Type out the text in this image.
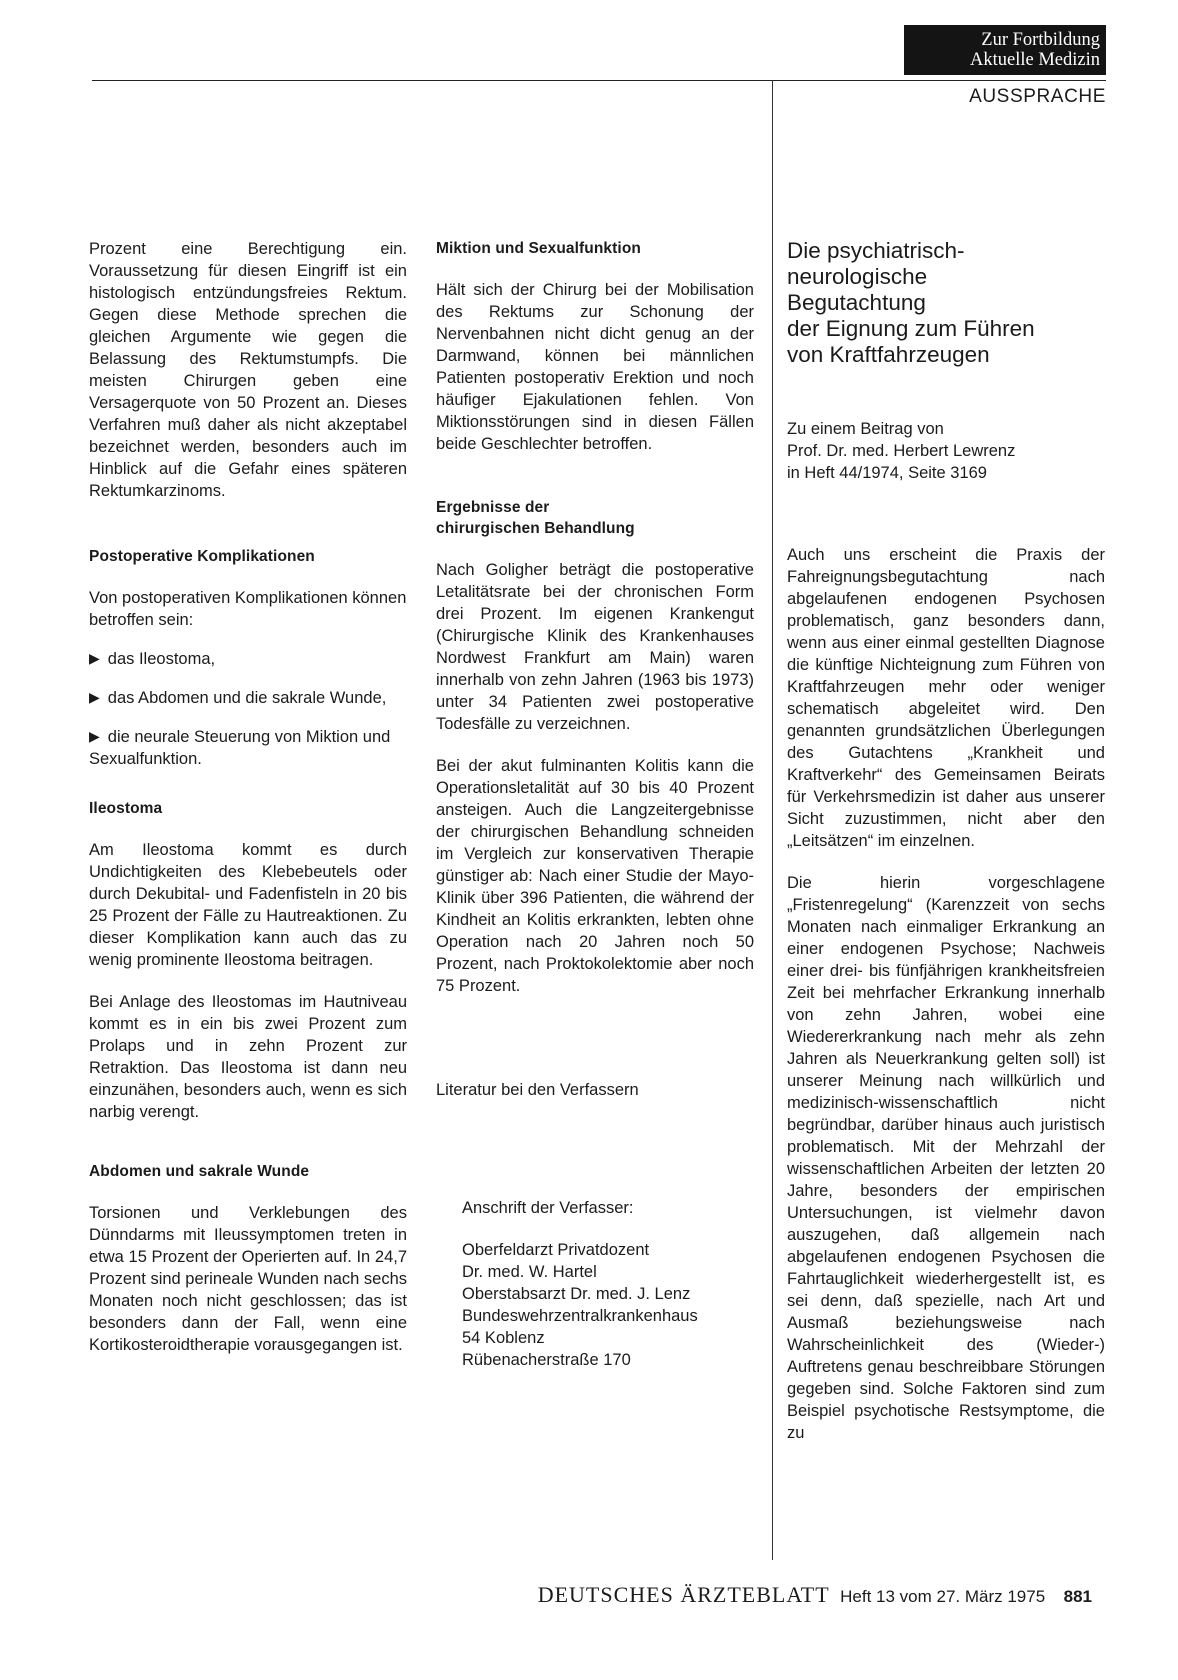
Zur Fortbildung
Aktuelle Medizin
AUSSPRACHE

Prozent eine Berechtigung ein. Voraussetzung für diesen Eingriff ist ein histologisch entzündungsfreies Rektum. Gegen diese Methode sprechen die gleichen Argumente wie gegen die Belassung des Rektumstumpfs. Die meisten Chirurgen geben eine Versagerquote von 50 Prozent an. Dieses Verfahren muß daher als nicht akzeptabel bezeichnet werden, besonders auch im Hinblick auf die Gefahr eines späteren Rektumkarzinoms.

Postoperative Komplikationen

Von postoperativen Komplikationen können betroffen sein:

▶ das Ileostoma,

▶ das Abdomen und die sakrale Wunde,

▶ die neurale Steuerung von Miktion und Sexualfunktion.

Ileostoma

Am Ileostoma kommt es durch Undichtigkeiten des Klebebeutels oder durch Dekubital- und Fadenfisteln in 20 bis 25 Prozent der Fälle zu Hautreaktionen. Zu dieser Komplikation kann auch das zu wenig prominente Ileostoma beitragen.

Bei Anlage des Ileostomas im Hautniveau kommt es in ein bis zwei Prozent zum Prolaps und in zehn Prozent zur Retraktion. Das Ileostoma ist dann neu einzunähen, besonders auch, wenn es sich narbig verengt.

Abdomen und sakrale Wunde

Torsionen und Verklebungen des Dünndarms mit Ileussymptomen treten in etwa 15 Prozent der Operierten auf. In 24,7 Prozent sind perineale Wunden nach sechs Monaten noch nicht geschlossen; das ist besonders dann der Fall, wenn eine Kortikosteroidtherapie vorausgegangen ist.

Miktion und Sexualfunktion

Hält sich der Chirurg bei der Mobilisation des Rektums zur Schonung der Nervenbahnen nicht dicht genug an der Darmwand, können bei männlichen Patienten postoperativ Erektion und noch häufiger Ejakulationen fehlen. Von Miktionsstörungen sind in diesen Fällen beide Geschlechter betroffen.

Ergebnisse der
chirurgischen Behandlung

Nach Goligher beträgt die postoperative Letalitätsrate bei der chronischen Form drei Prozent. Im eigenen Krankengut (Chirurgische Klinik des Krankenhauses Nordwest Frankfurt am Main) waren innerhalb von zehn Jahren (1963 bis 1973) unter 34 Patienten zwei postoperative Todesfälle zu verzeichnen.

Bei der akut fulminanten Kolitis kann die Operationsletalität auf 30 bis 40 Prozent ansteigen. Auch die Langzeitergebnisse der chirurgischen Behandlung schneiden im Vergleich zur konservativen Therapie günstiger ab: Nach einer Studie der Mayo-Klinik über 396 Patienten, die während der Kindheit an Kolitis erkrankten, lebten ohne Operation nach 20 Jahren noch 50 Prozent, nach Proktokolektomie aber noch 75 Prozent.

Literatur bei den Verfassern

Anschrift der Verfasser:

Oberfeldarzt Privatdozent

Dr. med. W. Hartel

Oberstabsarzt Dr. med. J. Lenz

Bundeswehrzentralkrankenhaus

54 Koblenz

Rübenacherstraße 170

Die psychiatrisch-
neurologische
Begutachtung
der Eignung zum Führen
von Kraftfahrzeugen

Zu einem Beitrag von

Prof. Dr. med. Herbert Lewrenz

in Heft 44/1974, Seite 3169

Auch uns erscheint die Praxis der Fahreignungsbegutachtung nach abgelaufenen endogenen Psychosen problematisch, ganz besonders dann, wenn aus einer einmal gestellten Diagnose die künftige Nichteignung zum Führen von Kraftfahrzeugen mehr oder weniger schematisch abgeleitet wird. Den genannten grundsätzlichen Überlegungen des Gutachtens „Krankheit und Kraftverkehr“ des Gemeinsamen Beirats für Verkehrsmedizin ist daher aus unserer Sicht zuzustimmen, nicht aber den „Leitsätzen“ im einzelnen.

Die hierin vorgeschlagene „Fristenregelung“ (Karenzzeit von sechs Monaten nach einmaliger Erkrankung an einer endogenen Psychose; Nachweis einer drei- bis fünfjährigen krankheitsfreien Zeit bei mehrfacher Erkrankung innerhalb von zehn Jahren, wobei eine Wiedererkrankung nach mehr als zehn Jahren als Neuerkrankung gelten soll) ist unserer Meinung nach willkürlich und medizinisch-wissenschaftlich nicht begründbar, darüber hinaus auch juristisch problematisch. Mit der Mehrzahl der wissenschaftlichen Arbeiten der letzten 20 Jahre, besonders der empirischen Untersuchungen, ist vielmehr davon auszugehen, daß allgemein nach abgelaufenen endogenen Psychosen die Fahrtauglichkeit wiederhergestellt ist, es sei denn, daß spezielle, nach Art und Ausmaß beziehungsweise nach Wahrscheinlichkeit des (Wieder-) Auftretens genau beschreibbare Störungen gegeben sind. Solche Faktoren sind zum Beispiel psychotische Restsymptome, die zu

DEUTSCHES ÄRZTEBLATT Heft 13 vom 27. März 1975 881
